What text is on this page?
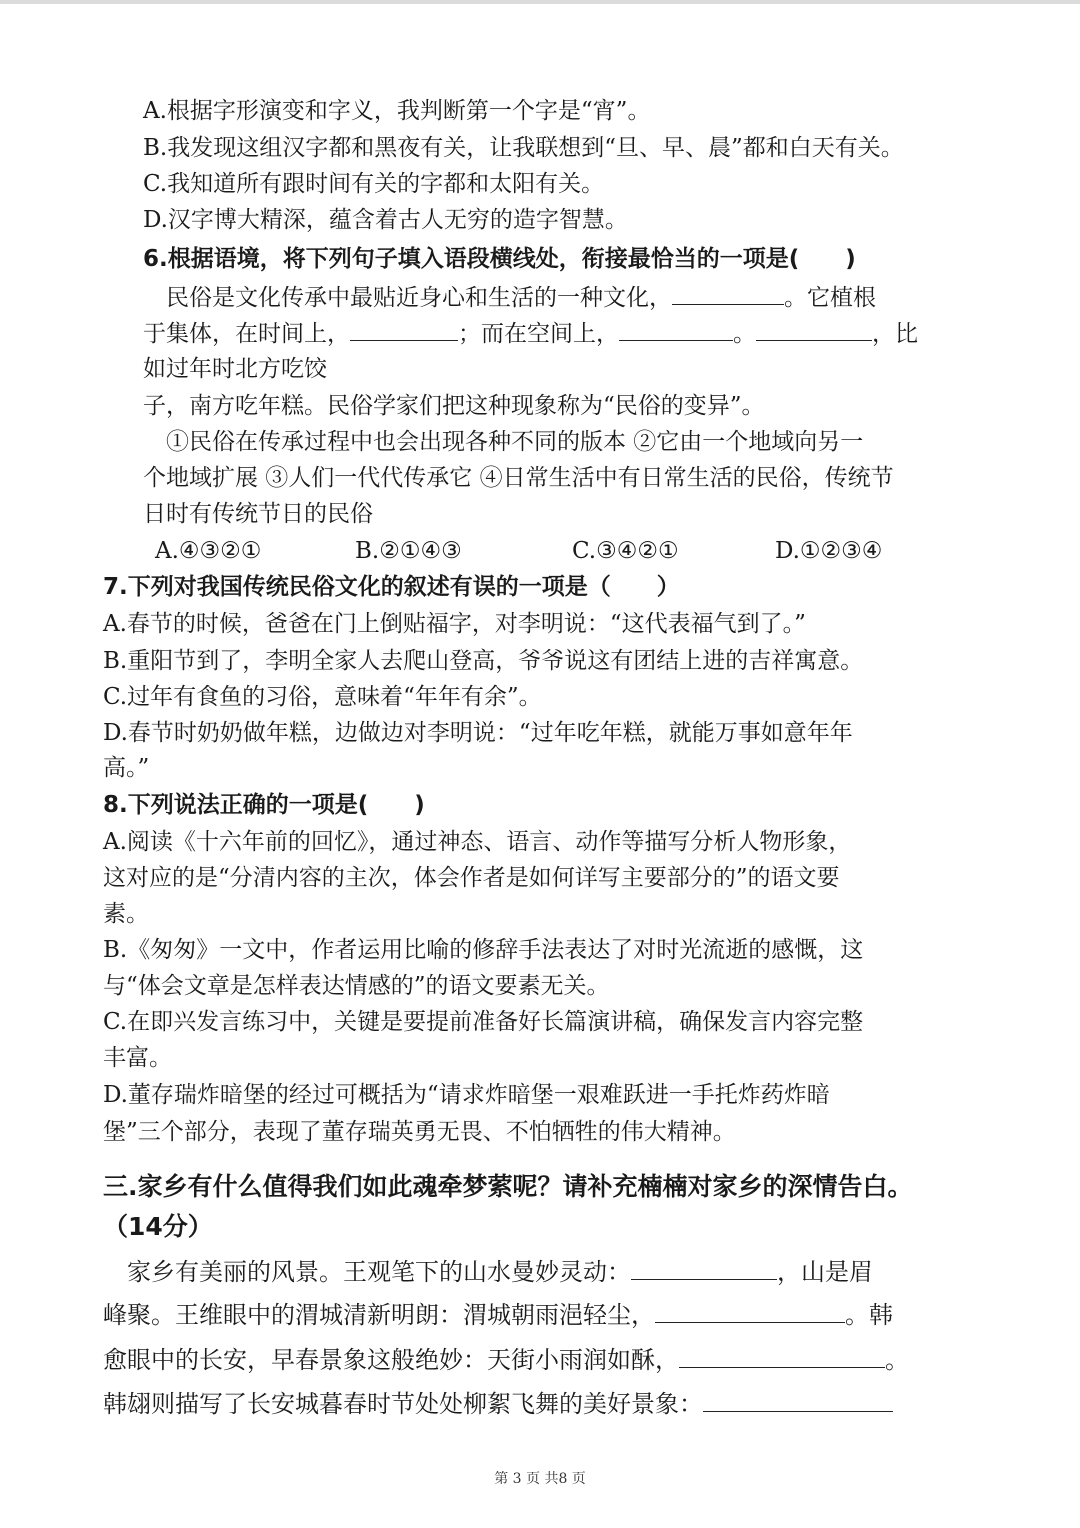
A.根据字形演变和字义，我判断第一个字是“宵”。
B.我发现这组汉字都和黑夜有关，让我联想到“旦、早、晨”都和白天有关。
C.我知道所有跟时间有关的字都和太阳有关。
D.汉字博大精深，蕴含着古人无穷的造字智慧。
6.根据语境，将下列句子填入语段横线处，衔接最恰当的一项是(　　)
　民俗是文化传承中最贴近身心和生活的一种文化，	。它植根
于集体，在时间上，	；而在空间上，	。	，比
如过年时北方吃饺
子，南方吃年糕。民俗学家们把这种现象称为“民俗的变异”。
　①民俗在传承过程中也会出现各种不同的版本 ②它由一个地域向另一
个地域扩展 ③人们一代代传承它 ④日常生活中有日常生活的民俗，传统节
日时有传统节日的民俗
A.④③②①	B.②①④③	C.③④②①	D.①②③④
7.下列对我国传统民俗文化的叙述有误的一项是（　　）
A.春节的时候，爸爸在门上倒贴福字，对李明说：“这代表福气到了。”
B.重阳节到了，李明全家人去爬山登高，爷爷说这有团结上进的吉祥寓意。
C.过年有食鱼的习俗，意味着“年年有余”。
D.春节时奶奶做年糕，边做边对李明说：“过年吃年糕，就能万事如意年年
高。”
8.下列说法正确的一项是(　　)
A.阅读《十六年前的回忆》，通过神态、语言、动作等描写分析人物形象，
这对应的是“分清内容的主次，体会作者是如何详写主要部分的”的语文要
素。
B.《匆匆》一文中，作者运用比喻的修辞手法表达了对时光流逝的感慨，这
与“体会文章是怎样表达情感的”的语文要素无关。
C.在即兴发言练习中，关键是要提前准备好长篇演讲稿，确保发言内容完整
丰富。
D.董存瑞炸暗堡的经过可概括为“请求炸暗堡一艰难跃进一手托炸药炸暗
堡”三个部分，表现了董存瑞英勇无畏、不怕牺牲的伟大精神。
三.家乡有什么值得我们如此魂牵梦萦呢？请补充楠楠对家乡的深情告白。
（14分）
　家乡有美丽的风景。王观笔下的山水曼妙灵动：	，山是眉
峰聚。王维眼中的渭城清新明朗：渭城朝雨浥轻尘，	。韩
愈眼中的长安，早春景象这般绝妙：天街小雨润如酥，	。
韩翃则描写了长安城暮春时节处处柳絮飞舞的美好景象：
第 3 页 共8 页
